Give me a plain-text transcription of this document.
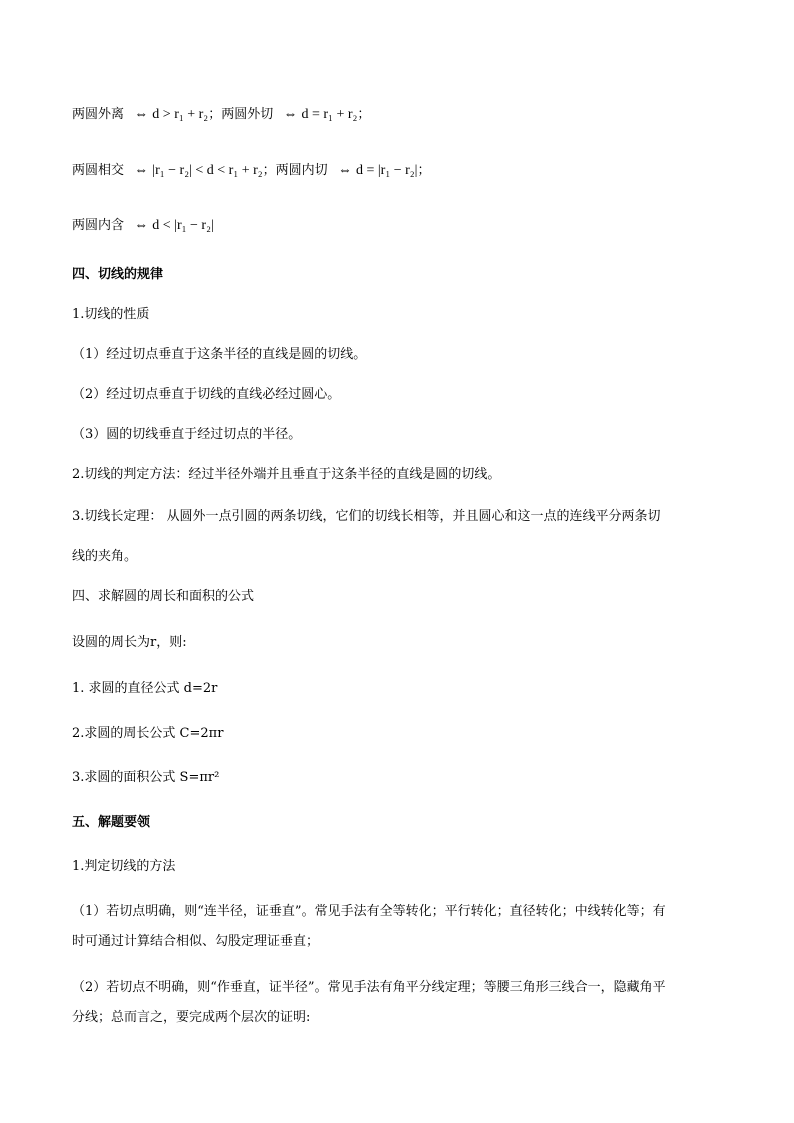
两圆外离 ⇔ d > r₁ + r₂；两圆外切 ⇔ d = r₁ + r₂；
两圆相交 ⇔ |r₁ − r₂| < d < r₁ + r₂；两圆内切 ⇔ d = |r₁ − r₂|；
两圆内含 ⇔ d < |r₁ − r₂|
四、切线的规律
1.切线的性质
（1）经过切点垂直于这条半径的直线是圆的切线。
（2）经过切点垂直于切线的直线必经过圆心。
（3）圆的切线垂直于经过切点的半径。
2.切线的判定方法：经过半径外端并且垂直于这条半径的直线是圆的切线。
3.切线长定理： 从圆外一点引圆的两条切线，它们的切线长相等，并且圆心和这一点的连线平分两条切
线的夹角。
四、求解圆的周长和面积的公式
设圆的周长为r，则:
1. 求圆的直径公式 d=2r
2.求圆的周长公式 C=2πr
3.求圆的面积公式 S=πr²
五、解题要领
1.判定切线的方法
（1）若切点明确，则“连半径，证垂直”。常见手法有全等转化；平行转化；直径转化；中线转化等；有
时可通过计算结合相似、勾股定理证垂直；
（2）若切点不明确，则“作垂直，证半径”。常见手法有角平分线定理；等腰三角形三线合一，隐藏角平
分线；总而言之，要完成两个层次的证明:
